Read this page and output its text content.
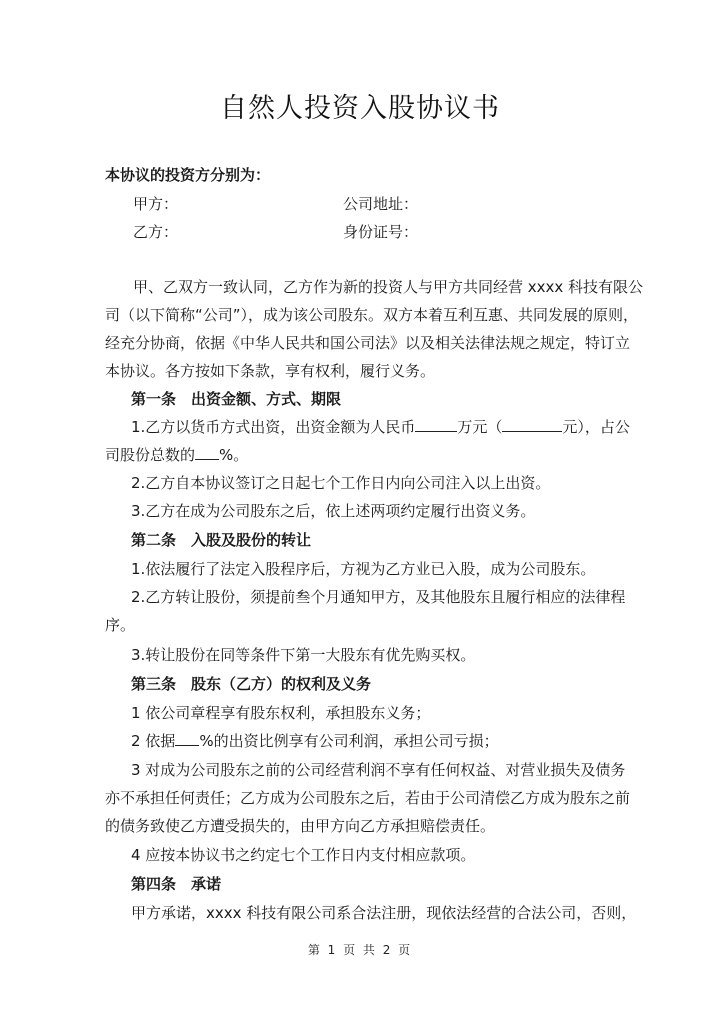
自然人投资入股协议书
本协议的投资方分别为：
甲方：	公司地址：
乙方：	身份证号：
甲、乙双方一致认同，乙方作为新的投资人与甲方共同经营 xxxx 科技有限公
司（以下简称“公司”），成为该公司股东。双方本着互利互惠、共同发展的原则，
经充分协商，依据《中华人民共和国公司法》以及相关法律法规之规定，特订立
本协议。各方按如下条款，享有权利，履行义务。
第一条　出资金额、方式、期限
1.乙方以货币方式出资，出资金额为人民币	万元（	元），占公
司股份总数的 %。
2.乙方自本协议签订之日起七个工作日内向公司注入以上出资。
3.乙方在成为公司股东之后，依上述两项约定履行出资义务。
第二条　入股及股份的转让
1.依法履行了法定入股程序后，方视为乙方业已入股，成为公司股东。
2.乙方转让股份，须提前叁个月通知甲方，及其他股东且履行相应的法律程
序。
3.转让股份在同等条件下第一大股东有优先购买权。
第三条　股东（乙方）的权利及义务
1 依公司章程享有股东权利，承担股东义务；
2 依据 %的出资比例享有公司利润，承担公司亏损；
3 对成为公司股东之前的公司经营利润不享有任何权益、对营业损失及债务
亦不承担任何责任；乙方成为公司股东之后，若由于公司清偿乙方成为股东之前
的债务致使乙方遭受损失的，由甲方向乙方承担赔偿责任。
4 应按本协议书之约定七个工作日内支付相应款项。
第四条　承诺
甲方承诺，xxxx 科技有限公司系合法注册，现依法经营的合法公司，否则，
第 1 页 共 2 页
